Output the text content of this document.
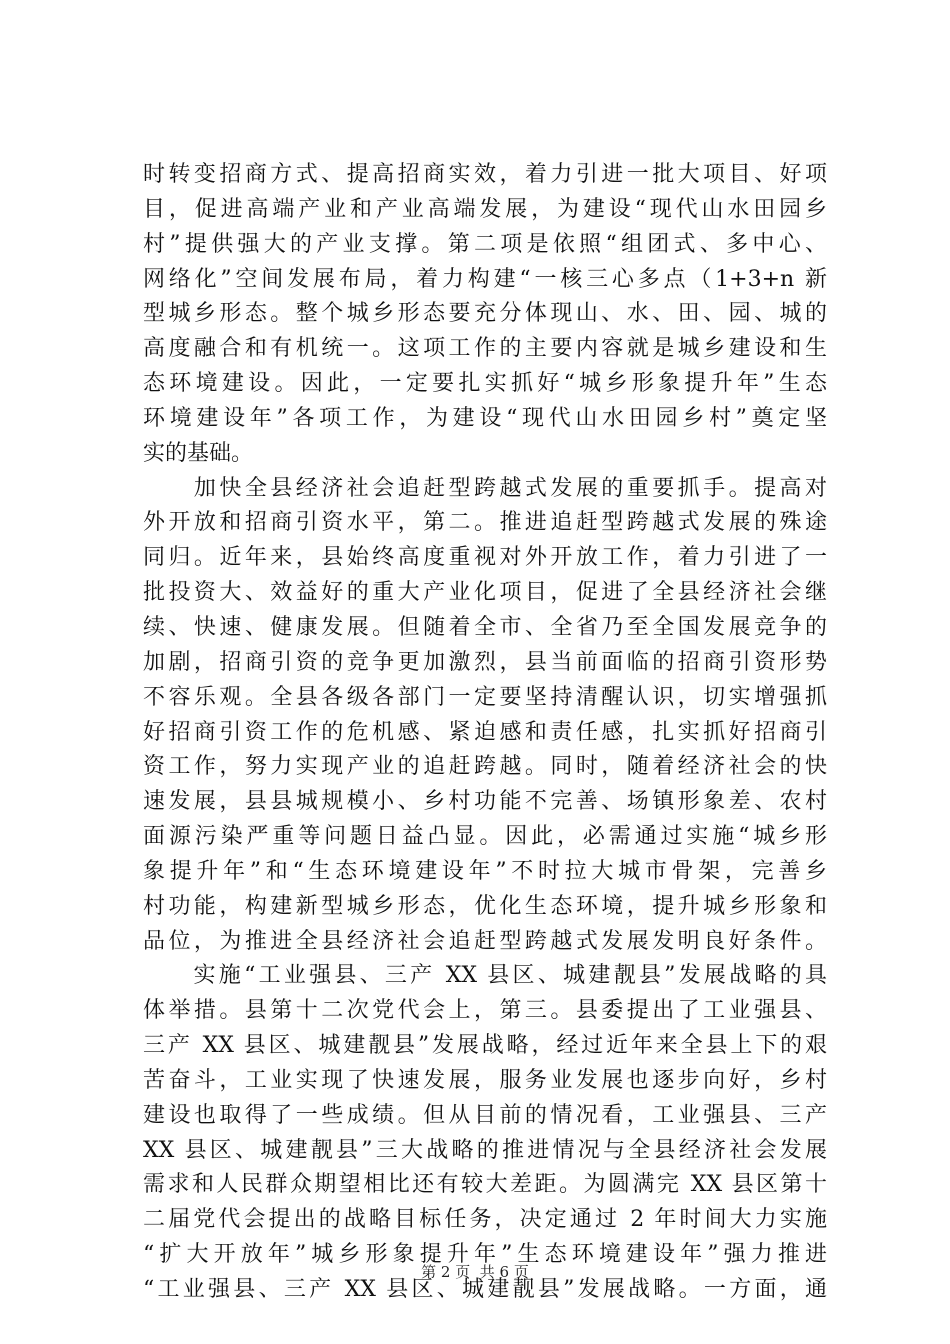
时转变招商方式、提高招商实效，着力引进一批大项目、好项
目，促进高端产业和产业高端发展，为建设“现代山水田园乡
村”提供强大的产业支撑。第二项是依照“组团式、多中心、
网络化”空间发展布局，着力构建“一核三心多点（1+3+n 新
型城乡形态。整个城乡形态要充分体现山、水、田、园、城的
高度融合和有机统一。这项工作的主要内容就是城乡建设和生
态环境建设。因此，一定要扎实抓好“城乡形象提升年”生态
环境建设年”各项工作，为建设“现代山水田园乡村”奠定坚
实的基础。
　　加快全县经济社会追赶型跨越式发展的重要抓手。提高对
外开放和招商引资水平，第二。推进追赶型跨越式发展的殊途
同归。近年来，县始终高度重视对外开放工作，着力引进了一
批投资大、效益好的重大产业化项目，促进了全县经济社会继
续、快速、健康发展。但随着全市、全省乃至全国发展竞争的
加剧，招商引资的竞争更加激烈，县当前面临的招商引资形势
不容乐观。全县各级各部门一定要坚持清醒认识，切实增强抓
好招商引资工作的危机感、紧迫感和责任感，扎实抓好招商引
资工作，努力实现产业的追赶跨越。同时，随着经济社会的快
速发展，县县城规模小、乡村功能不完善、场镇形象差、农村
面源污染严重等问题日益凸显。因此，必需通过实施“城乡形
象提升年”和“生态环境建设年”不时拉大城市骨架，完善乡
村功能，构建新型城乡形态，优化生态环境，提升城乡形象和
品位，为推进全县经济社会追赶型跨越式发展发明良好条件。
　　实施“工业强县、三产 XX 县区、城建靓县”发展战略的具
体举措。县第十二次党代会上，第三。县委提出了工业强县、
三产 XX 县区、城建靓县”发展战略，经过近年来全县上下的艰
苦奋斗，工业实现了快速发展，服务业发展也逐步向好，乡村
建设也取得了一些成绩。但从目前的情况看，工业强县、三产
XX 县区、城建靓县”三大战略的推进情况与全县经济社会发展
需求和人民群众期望相比还有较大差距。为圆满完 XX 县区第十
二届党代会提出的战略目标任务，决定通过 2 年时间大力实施
“扩大开放年”城乡形象提升年”生态环境建设年”强力推进
“工业强县、三产 XX 县区、城建靓县”发展战略。一方面，通
第 2 页  共 6 页
